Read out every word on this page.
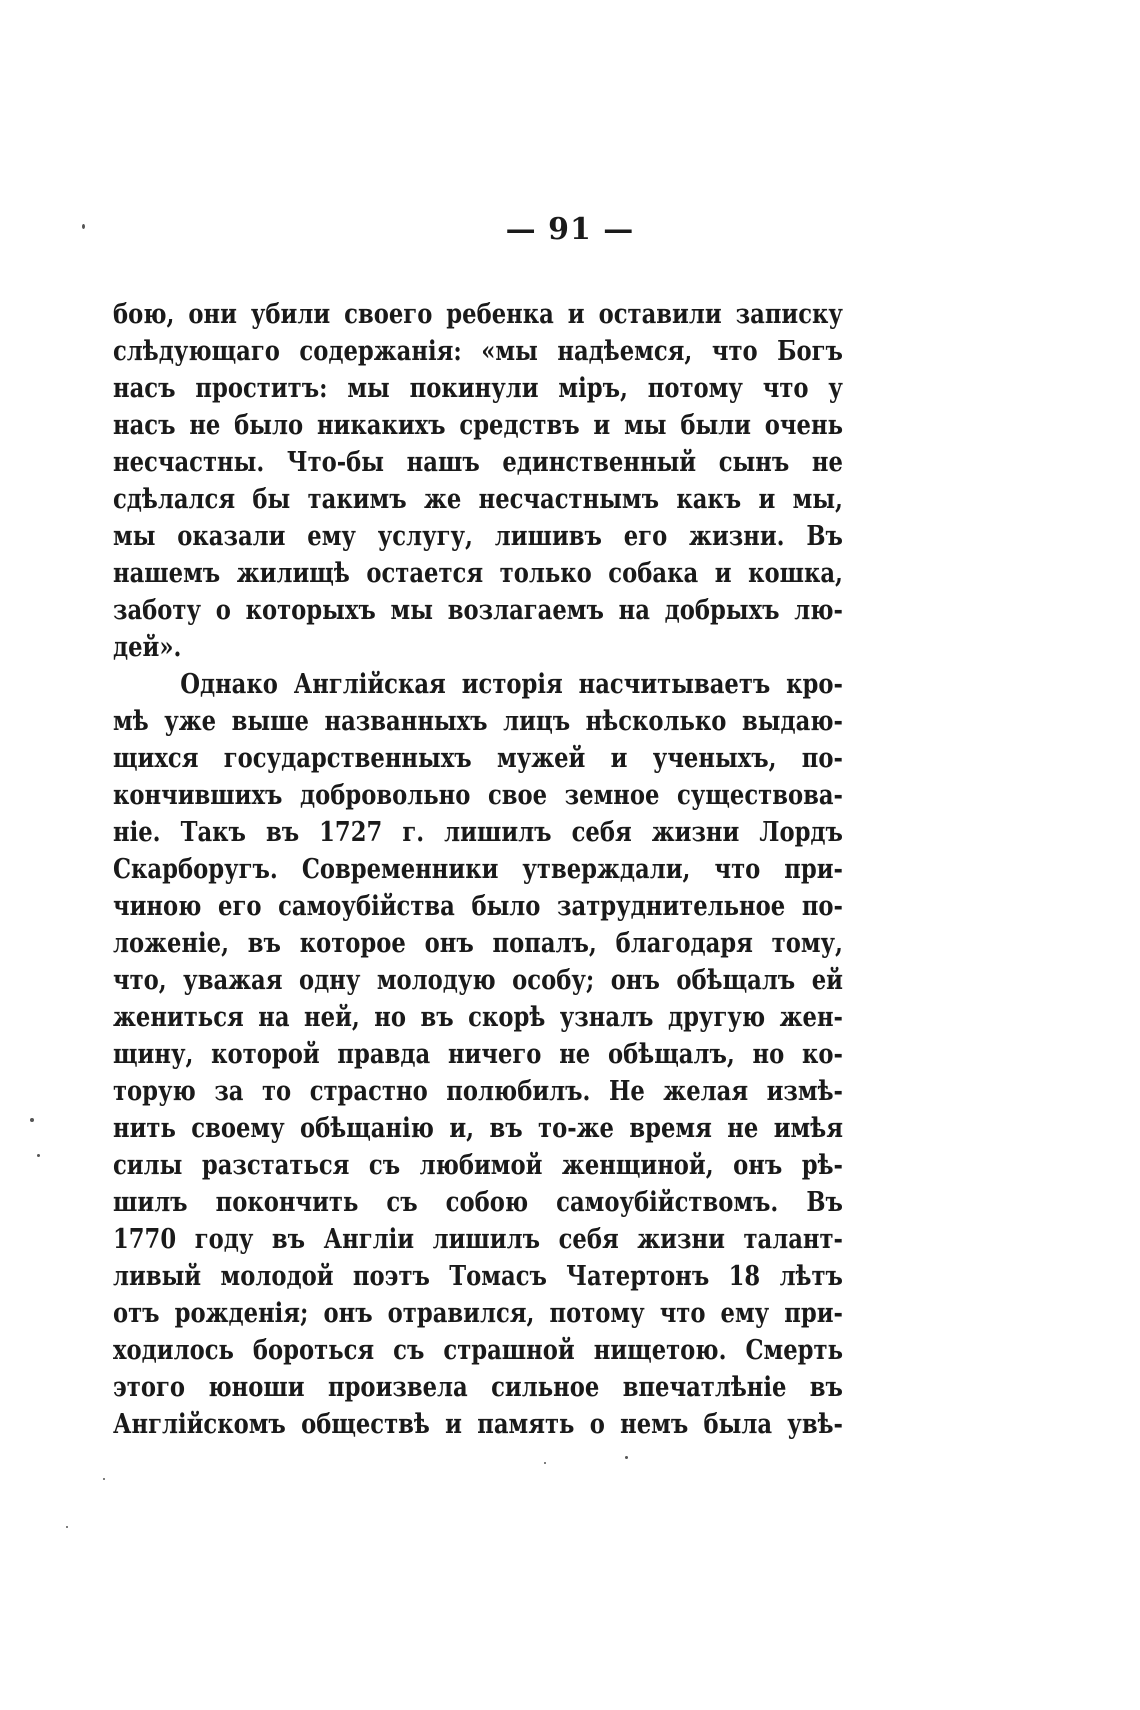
— 91 —
бою, они убили своего ребенка и оставили записку
слѣдующаго содержанія: «мы надѣемся, что Богъ
насъ проститъ: мы покинули міръ, потому что у
насъ не было никакихъ средствъ и мы были очень
несчастны. Что-бы нашъ единственный сынъ не
сдѣлался бы такимъ же несчастнымъ какъ и мы,
мы оказали ему услугу, лишивъ его жизни. Въ
нашемъ жилищѣ остается только собака и кошка,
заботу о которыхъ мы возлагаемъ на добрыхъ лю-
дей».
Однако Англійская исторія насчитываетъ кро-
мѣ уже выше названныхъ лицъ нѣсколько выдаю-
щихся государственныхъ мужей и ученыхъ, по-
кончившихъ добровольно свое земное существова-
ніе. Такъ въ 1727 г. лишилъ себя жизни Лордъ
Скарборугъ. Современники утверждали, что при-
чиною его самоубійства было затруднительное по-
ложеніе, въ которое онъ попалъ, благодаря тому,
что, уважая одну молодую особу; онъ обѣщалъ ей
жениться на ней, но въ скорѣ узналъ другую жен-
щину, которой правда ничего не обѣщалъ, но ко-
торую за то страстно полюбилъ. Не желая измѣ-
нить своему обѣщанію и, въ то-же время не имѣя
силы разстаться съ любимой женщиной, онъ рѣ-
шилъ покончить съ собою самоубійствомъ. Въ
1770 году въ Англіи лишилъ себя жизни талант-
ливый молодой поэтъ Томасъ Чатертонъ 18 лѣтъ
отъ рожденія; онъ отравился, потому что ему при-
ходилось бороться съ страшной нищетою. Смерть
этого юноши произвела сильное впечатлѣніе въ
Англійскомъ обществѣ и память о немъ была увѣ-
